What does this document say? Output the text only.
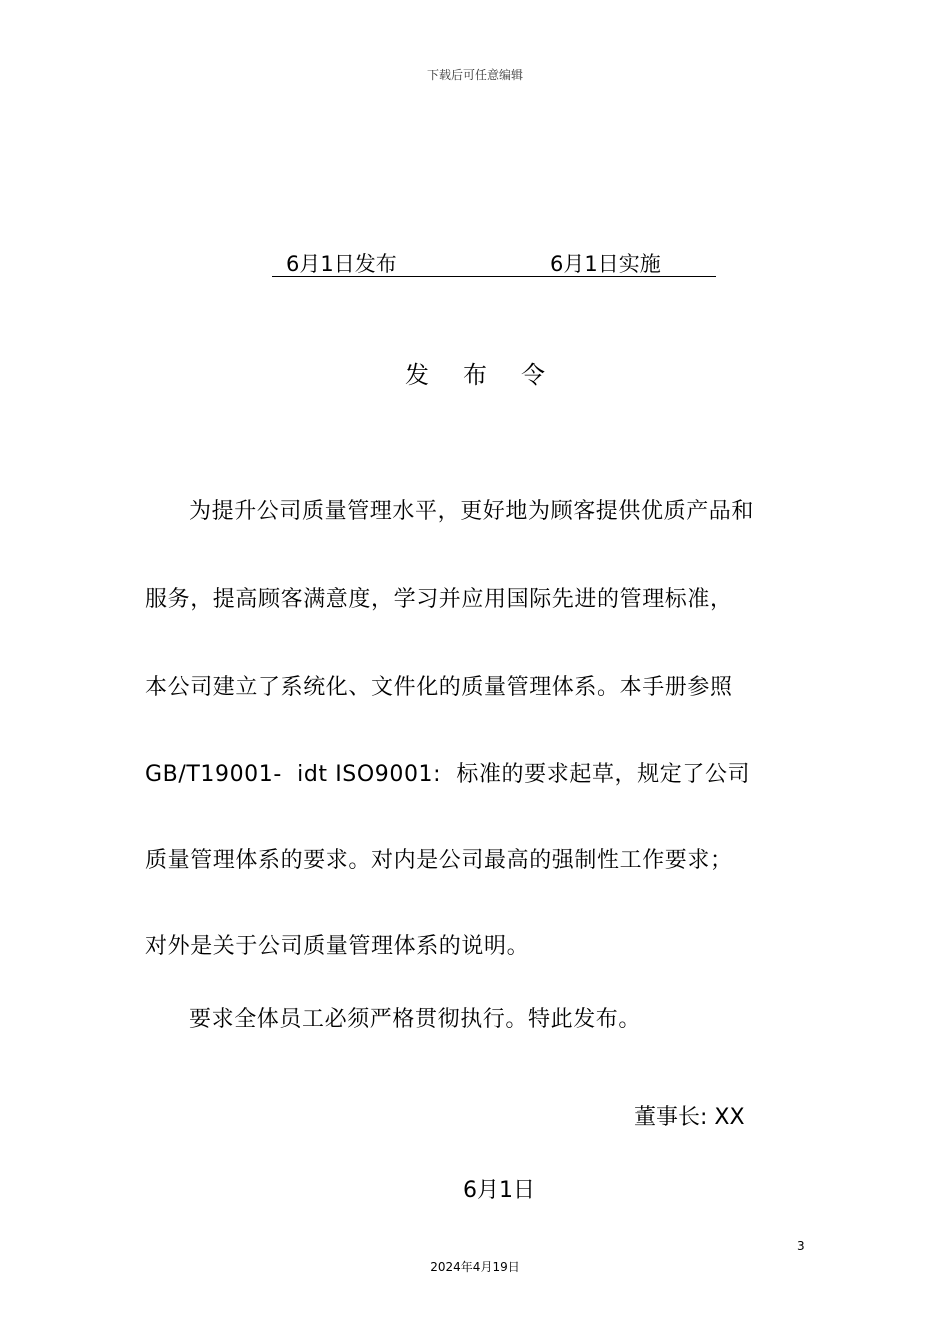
下载后可任意编辑
6月1日发布	6月1日实施
发布令
为提升公司质量管理水平，更好地为顾客提供优质产品和
服务，提高顾客满意度，学习并应用国际先进的管理标准，
本公司建立了系统化、文件化的质量管理体系。本手册参照
GB/T19001-  idt ISO9001:  标准的要求起草，规定了公司
质量管理体系的要求。对内是公司最高的强制性工作要求；
对外是关于公司质量管理体系的说明。
要求全体员工必须严格贯彻执行。特此发布。
董事长: XX
6月1日
3
2024年4月19日
